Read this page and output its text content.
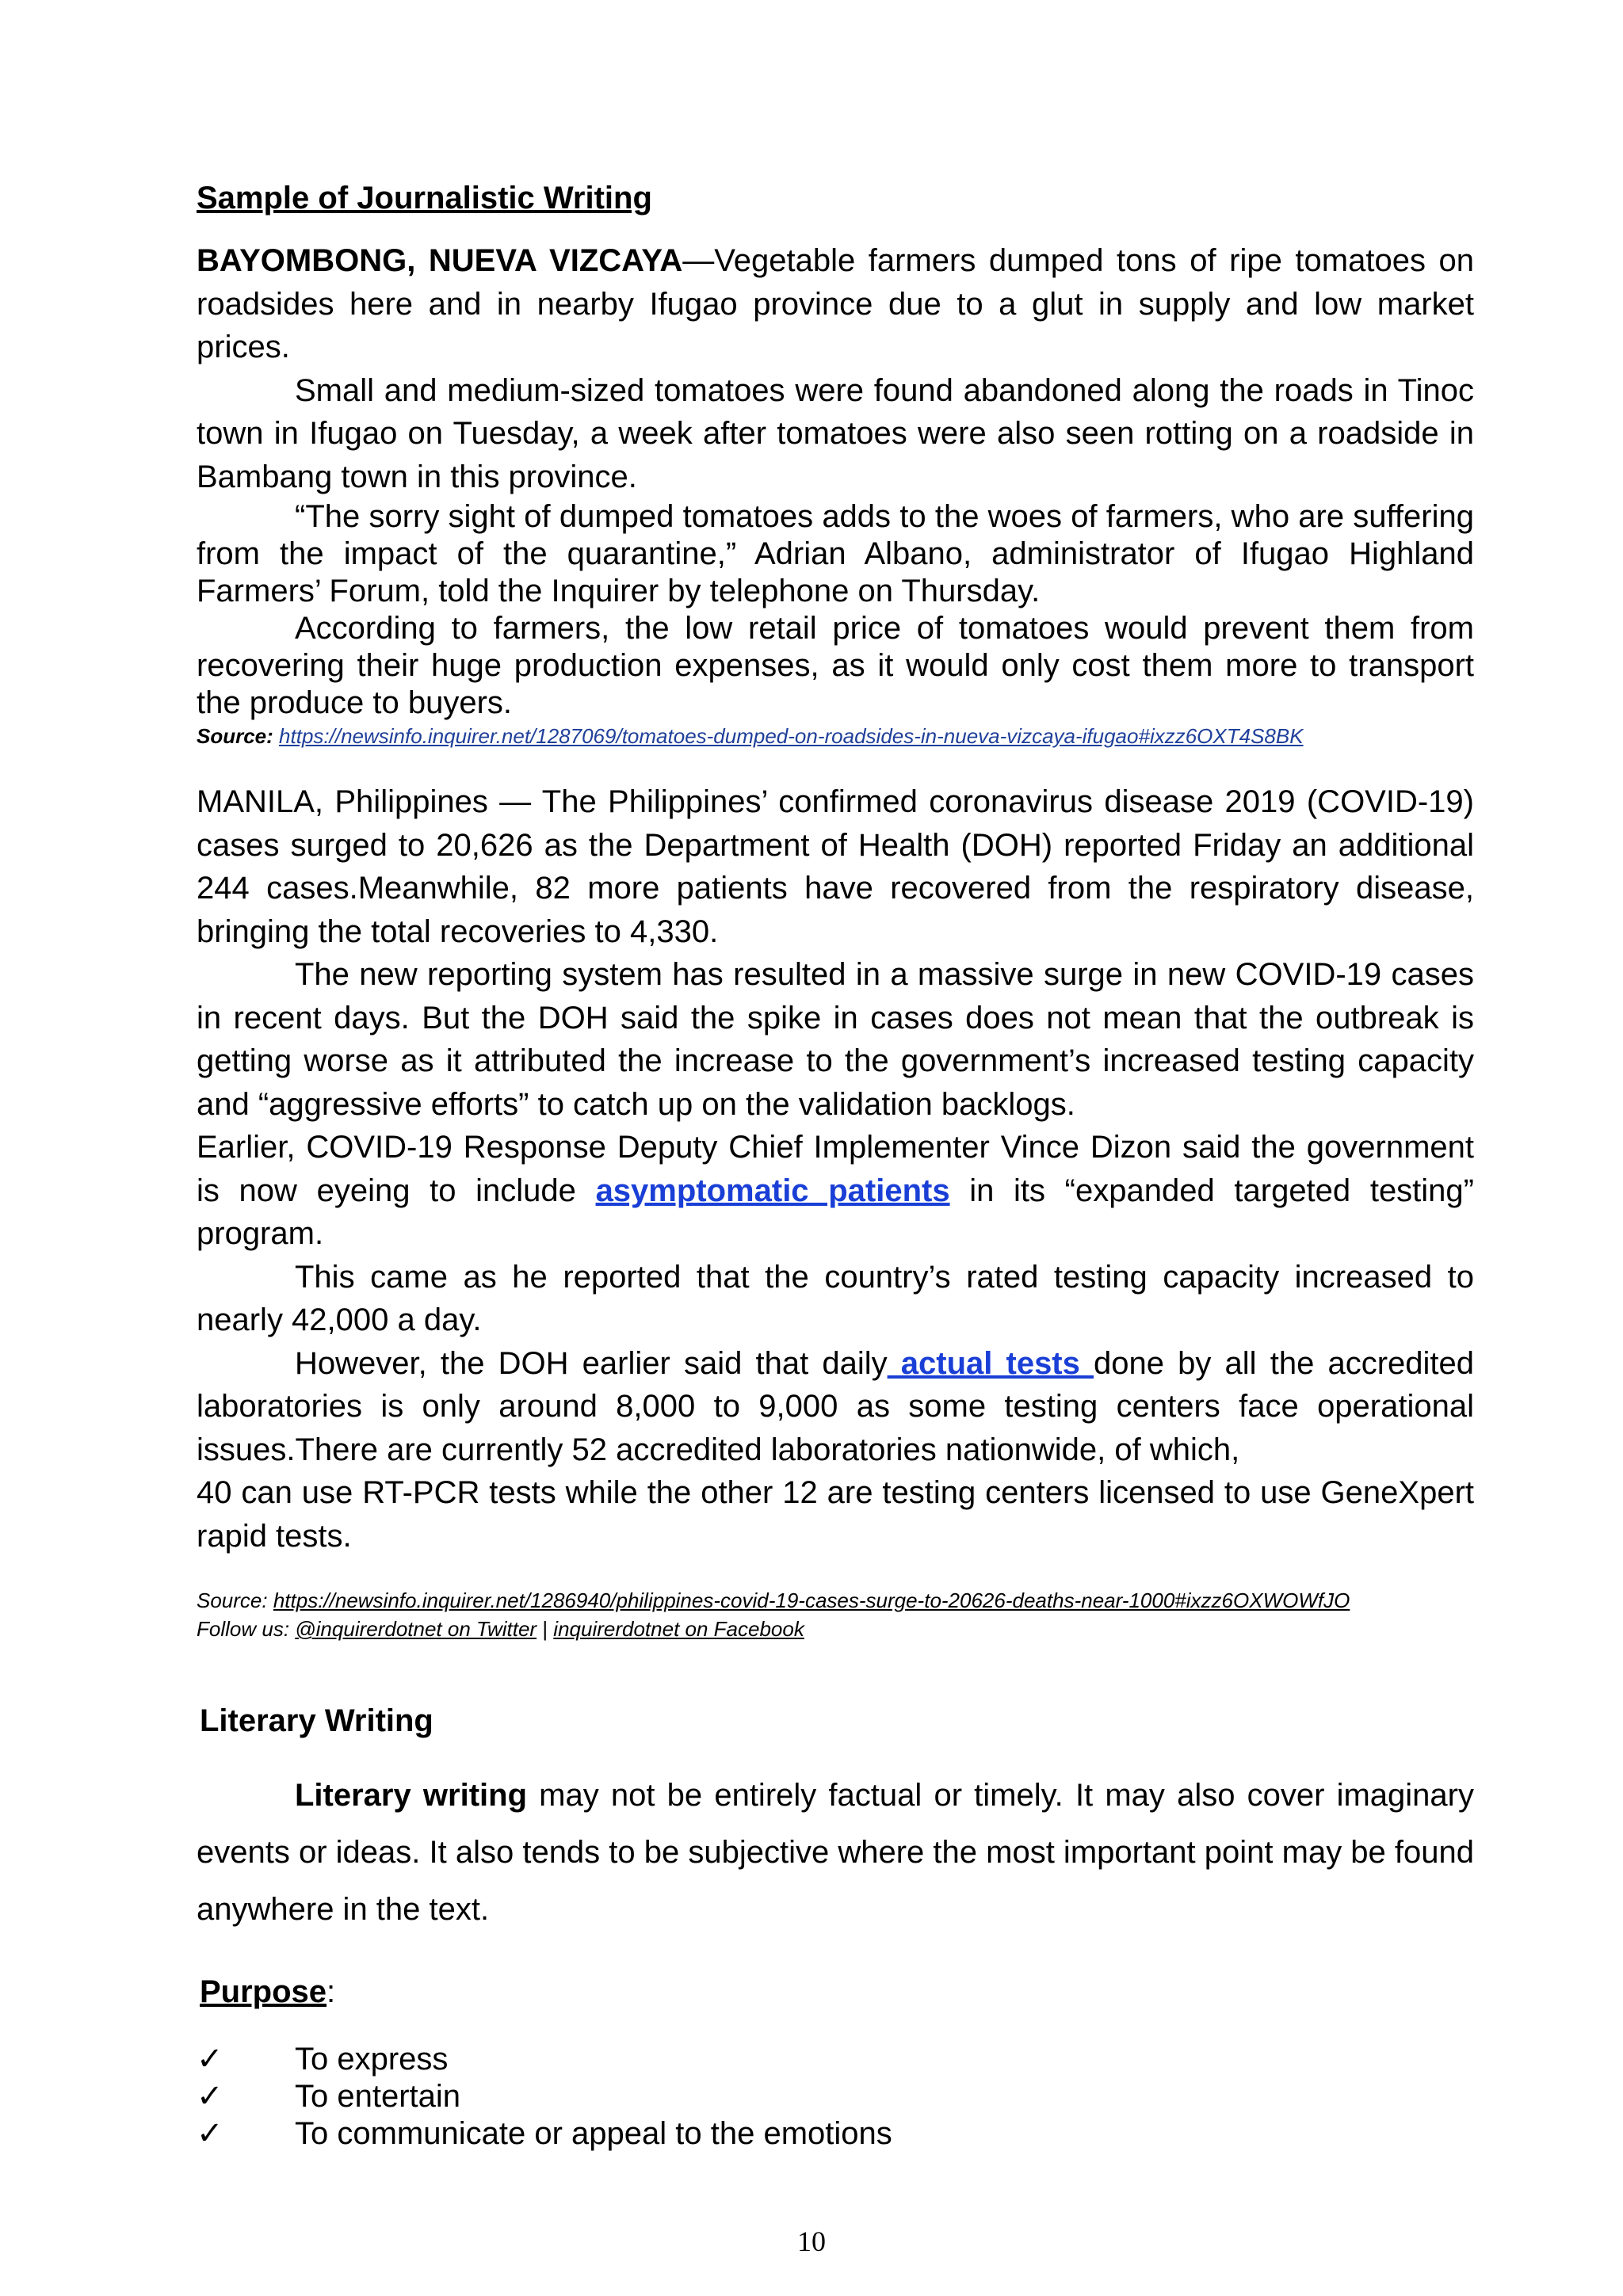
Sample of Journalistic Writing

BAYOMBONG, NUEVA VIZCAYA—Vegetable farmers dumped tons of ripe tomatoes on roadsides here and in nearby Ifugao province due to a glut in supply and low market prices.

Small and medium-sized tomatoes were found abandoned along the roads in Tinoc town in Ifugao on Tuesday, a week after tomatoes were also seen rotting on a roadside in Bambang town in this province.

“The sorry sight of dumped tomatoes adds to the woes of farmers, who are suffering from the impact of the quarantine,” Adrian Albano, administrator of Ifugao Highland Farmers’ Forum, told the Inquirer by telephone on Thursday.

According to farmers, the low retail price of tomatoes would prevent them from recovering their huge production expenses, as it would only cost them more to transport the produce to buyers.

Source: https://newsinfo.inquirer.net/1287069/tomatoes-dumped-on-roadsides-in-nueva-vizcaya-ifugao#ixzz6OXT4S8BK

MANILA, Philippines — The Philippines’ confirmed coronavirus disease 2019 (COVID-19) cases surged to 20,626 as the Department of Health (DOH) reported Friday an additional 244 cases.Meanwhile, 82 more patients have recovered from the respiratory disease, bringing the total recoveries to 4,330.

The new reporting system has resulted in a massive surge in new COVID-19 cases in recent days. But the DOH said the spike in cases does not mean that the outbreak is getting worse as it attributed the increase to the government’s increased testing capacity and “aggressive efforts” to catch up on the validation backlogs.

Earlier, COVID-19 Response Deputy Chief Implementer Vince Dizon said the government is now eyeing to include asymptomatic patients in its “expanded targeted testing” program.

This came as he reported that the country’s rated testing capacity increased to nearly 42,000 a day.

However, the DOH earlier said that daily actual tests done by all the accredited laboratories is only around 8,000 to 9,000 as some testing centers face operational issues.There are currently 52 accredited laboratories nationwide, of which,

40 can use RT-PCR tests while the other 12 are testing centers licensed to use GeneXpert rapid tests.

Source: https://newsinfo.inquirer.net/1286940/philippines-covid-19-cases-surge-to-20626-deaths-near-1000#ixzz6OXWOWfJO
Follow us: @inquirerdotnet on Twitter | inquirerdotnet on Facebook
Literary Writing

Literary writing may not be entirely factual or timely. It may also cover imaginary events or ideas. It also tends to be subjective where the most important point may be found anywhere in the text.

Purpose:
✓	To express
✓	To entertain
✓	To communicate or appeal to the emotions
10
